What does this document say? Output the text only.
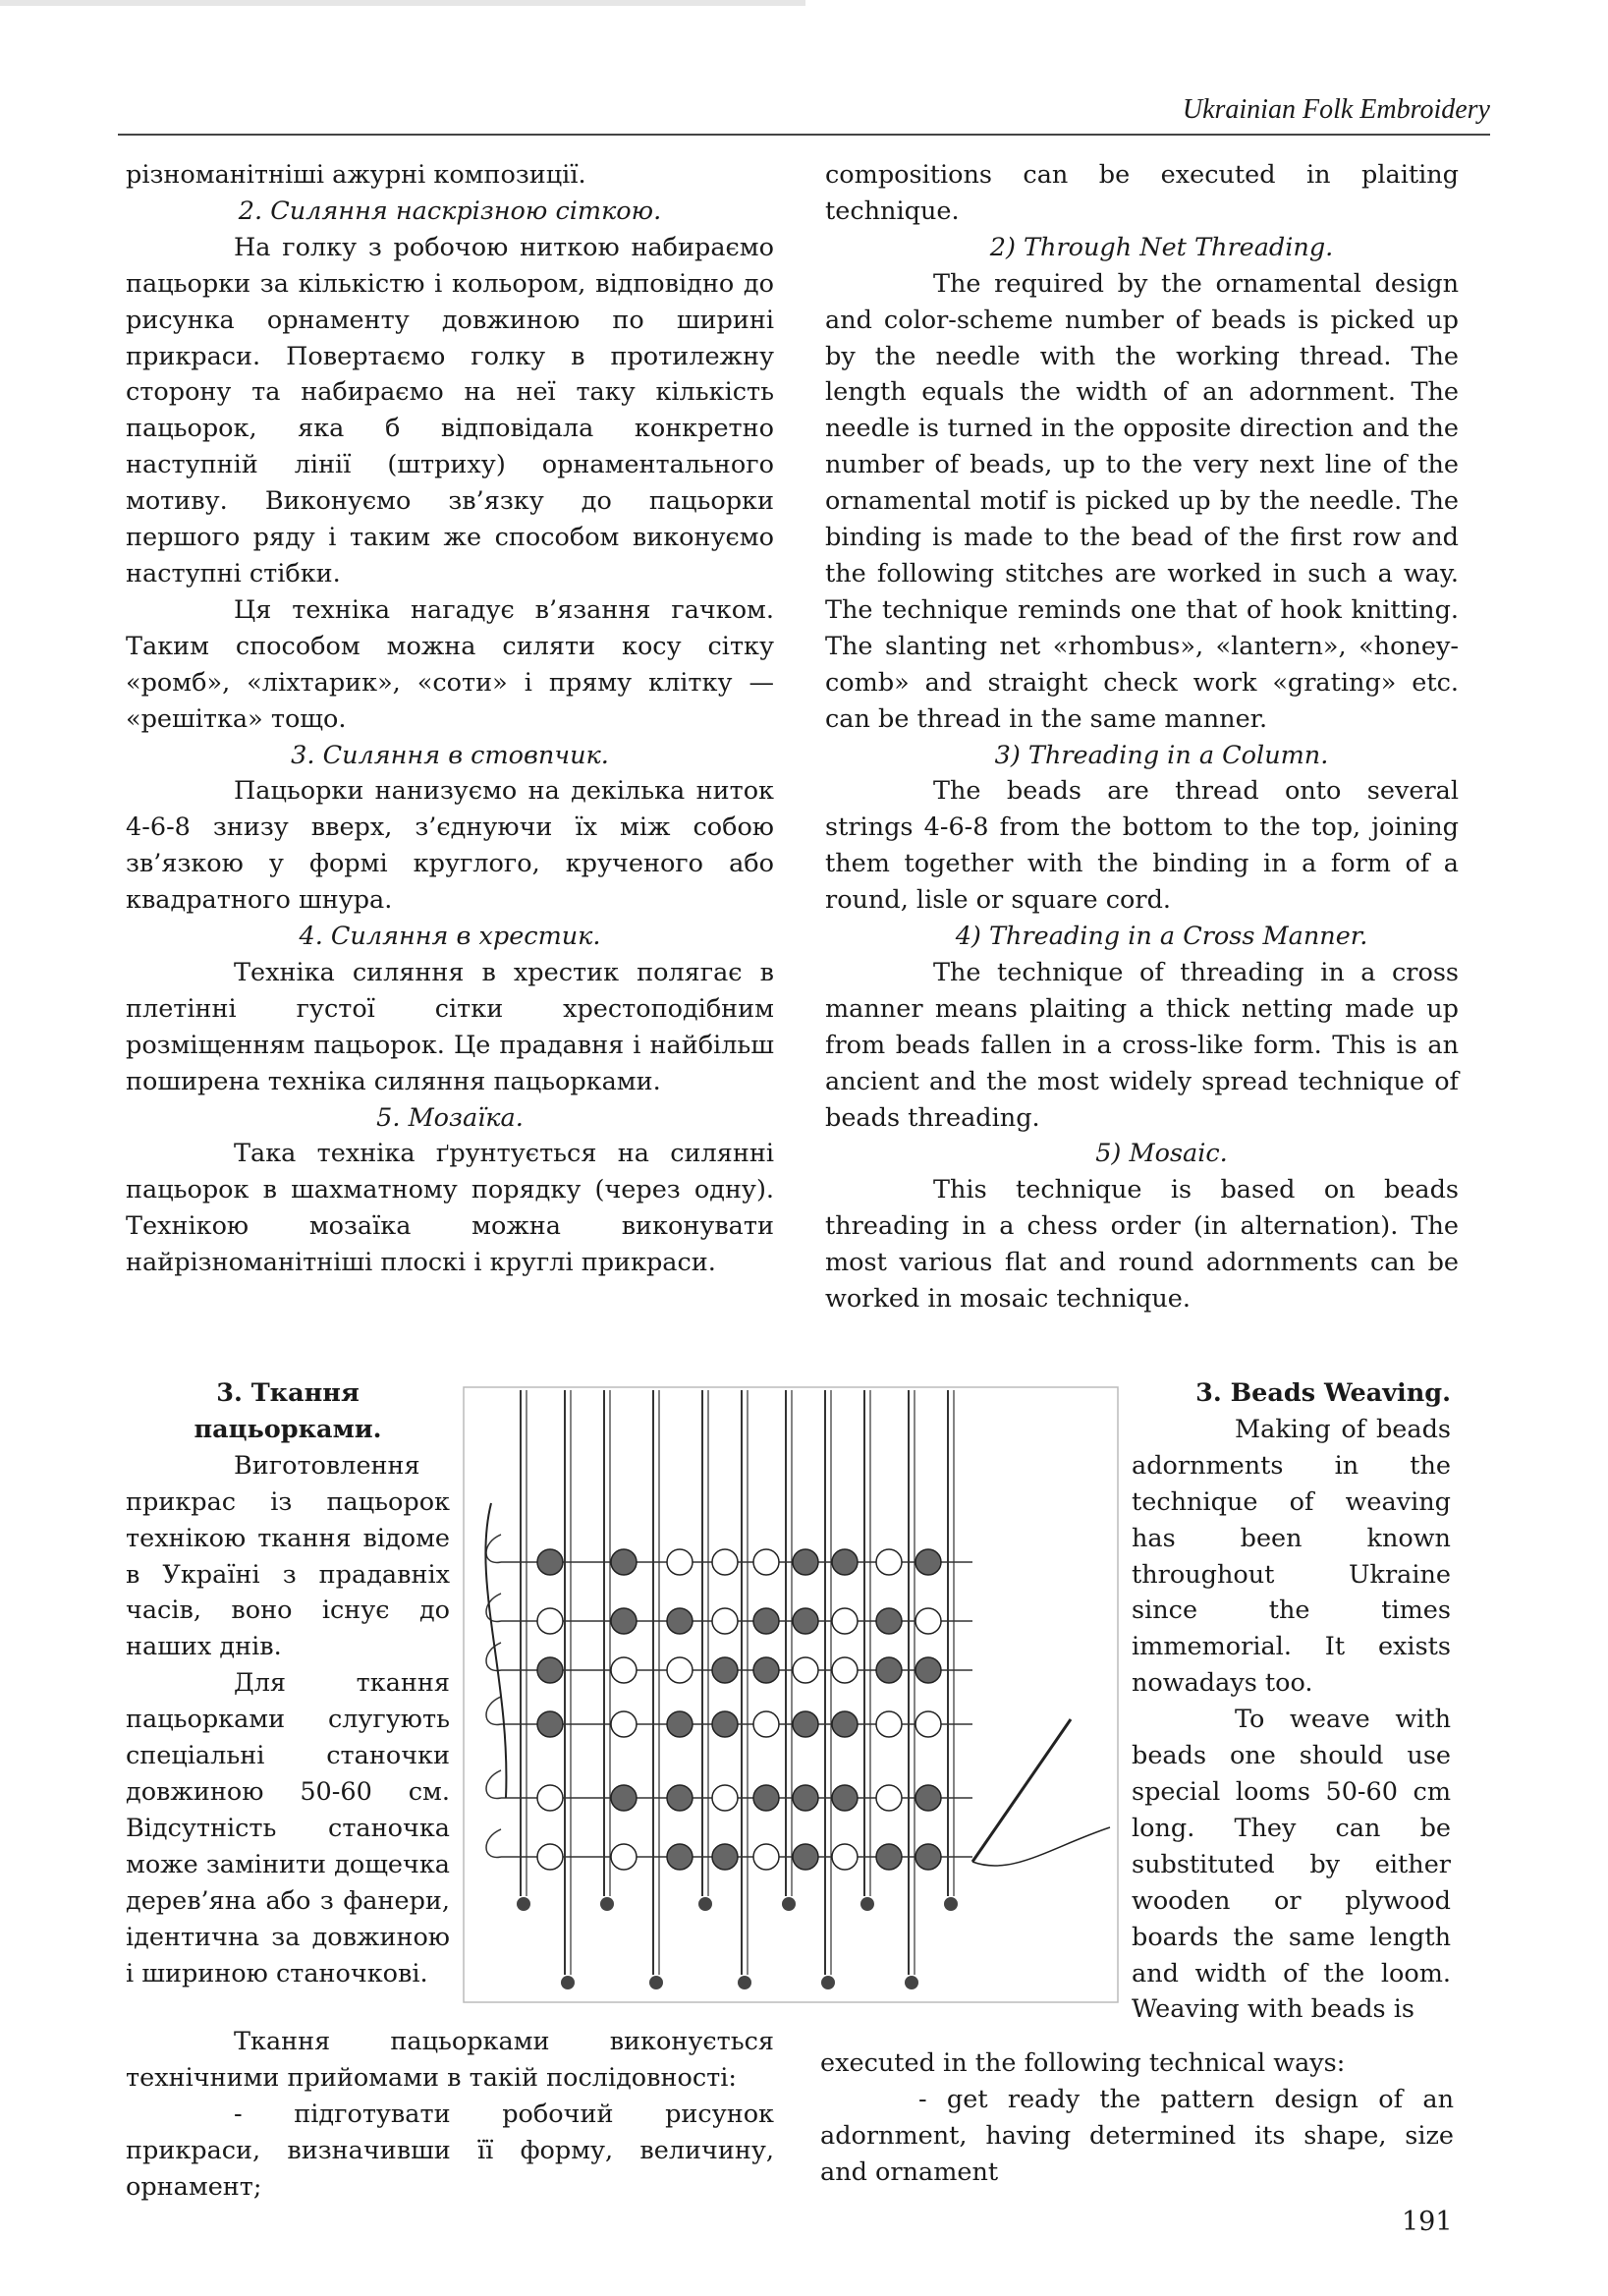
Ukrainian Folk Embroidery

різноманітніші ажурні композиції.

2. Силяння наскрізною сіткою.

На голку з робочою ниткою набираємо пацьорки за кількістю і кольором, відповідно до рисунка орнаменту довжиною по ширині прикраси. Повертаємо голку в протилежну сторону та набираємо на неї таку кількість пацьорок, яка б відповідала конкретно наступній лінії (штриху) орнаментального мотиву. Виконуємо зв’язку до пацьорки першого ряду і таким же способом виконуємо наступні стібки.

Ця техніка нагадує в’язання гачком. Таким способом можна силяти косу сітку «ромб», «ліхтарик», «соти» і пряму клітку — «решітка» тощо.

3. Силяння в стовпчик.

Пацьорки нанизуємо на декілька ниток 4-6-8 знизу вверх, з’єднуючи їх між собою зв’язкою у формі круглого, крученого або квадратного шнура.

4. Силяння в хрестик.

Техніка силяння в хрестик полягає в плетінні густої сітки хрестоподібним розміщенням пацьорок. Це прадавня і найбільш поширена техніка силяння пацьорками.

5. Мозаїка.

Така техніка ґрунтується на силянні пацьорок в шахматному порядку (через одну). Технікою мозаїка можна виконувати найрізноманітніші плоскі і круглі прикраси.

compositions can be executed in plaiting technique.

2) Through Net Threading.

The required by the ornamental design and color-scheme number of beads is picked up by the needle with the working thread. The length equals the width of an adornment. The needle is turned in the opposite direction and the number of beads, up to the very next line of the ornamental motif is picked up by the needle. The binding is made to the bead of the first row and the following stitches are worked in such a way. The technique reminds one that of hook knitting. The slanting net «rhombus», «lantern», «honey-comb» and straight check work «grating» etc. can be thread in the same manner.

3) Threading in a Column.

The beads are thread onto several strings 4-6-8 from the bottom to the top, joining them together with the binding in a form of a round, lisle or square cord.

4) Threading in a Cross Manner.

The technique of threading in a cross manner means plaiting a thick netting made up from beads fallen in a cross-like form. This is an ancient and the most widely spread technique of beads threading.

5) Mosaic.

This technique is based on beads threading in a chess order (in alternation). The most various flat and round adornments can be worked in mosaic technique.

3. Ткання пацьорками.

Виготовлення прикрас із пацьорок технікою ткання відоме в Україні з прадавніх часів, воно існує до наших днів.

Для ткання пацьорками слугують спеціальні станочки довжиною 50-60 см. Відсутність станочка може замінити дощечка дерев’яна або з фанери, ідентична за довжиною і шириною станочкові.

3. Beads Weaving.

Making of beads adornments in the technique of weaving has been known throughout Ukraine since the times immemorial. It exists nowadays too.

To weave with beads one should use special looms 50-60 cm long. They can be substituted by either wooden or plywood boards the same length and width of the loom. Weaving with beads is

Ткання пацьорками виконується технічними прийомами в такій послідовності:

- підготувати робочий рисунок прикраси, визначивши її форму, величину, орнамент;

executed in the following technical ways:

- get ready the pattern design of an adornment, having determined its shape, size and ornament

191
